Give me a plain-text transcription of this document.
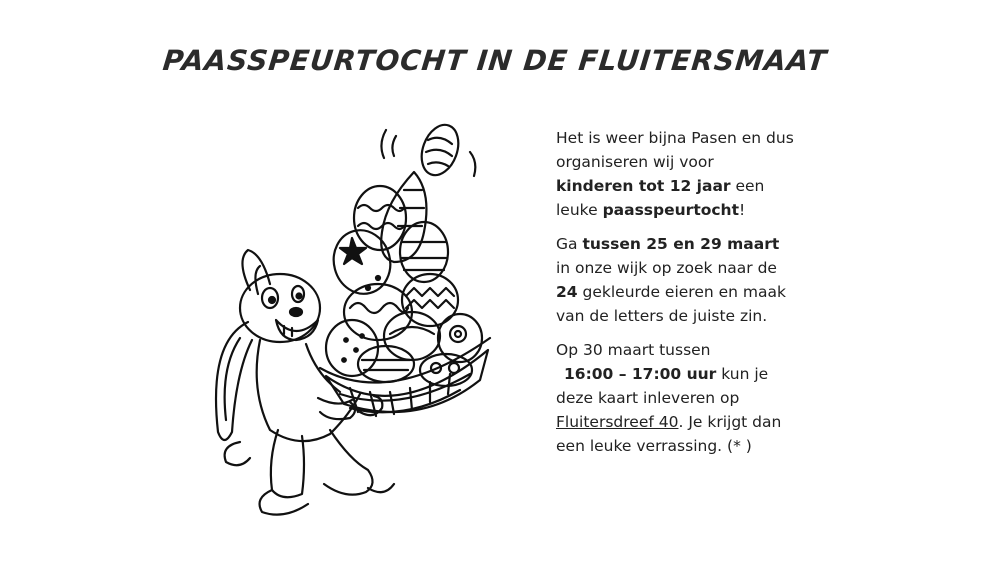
PAASSPEURTOCHT IN DE FLUITERSMAAT

Het is weer bijna Pasen en dus organiseren wij voor kinderen tot 12 jaar een leuke paasspeurtocht!

Ga tussen 25 en 29 maart in onze wijk op zoek naar de 24 gekleurde eieren en maak van de letters de juiste zin.

Op 30 maart tussen
16:00 – 17:00 uur kun je deze kaart inleveren op Fluitersdreef 40. Je krijgt dan een leuke verrassing. (* )
